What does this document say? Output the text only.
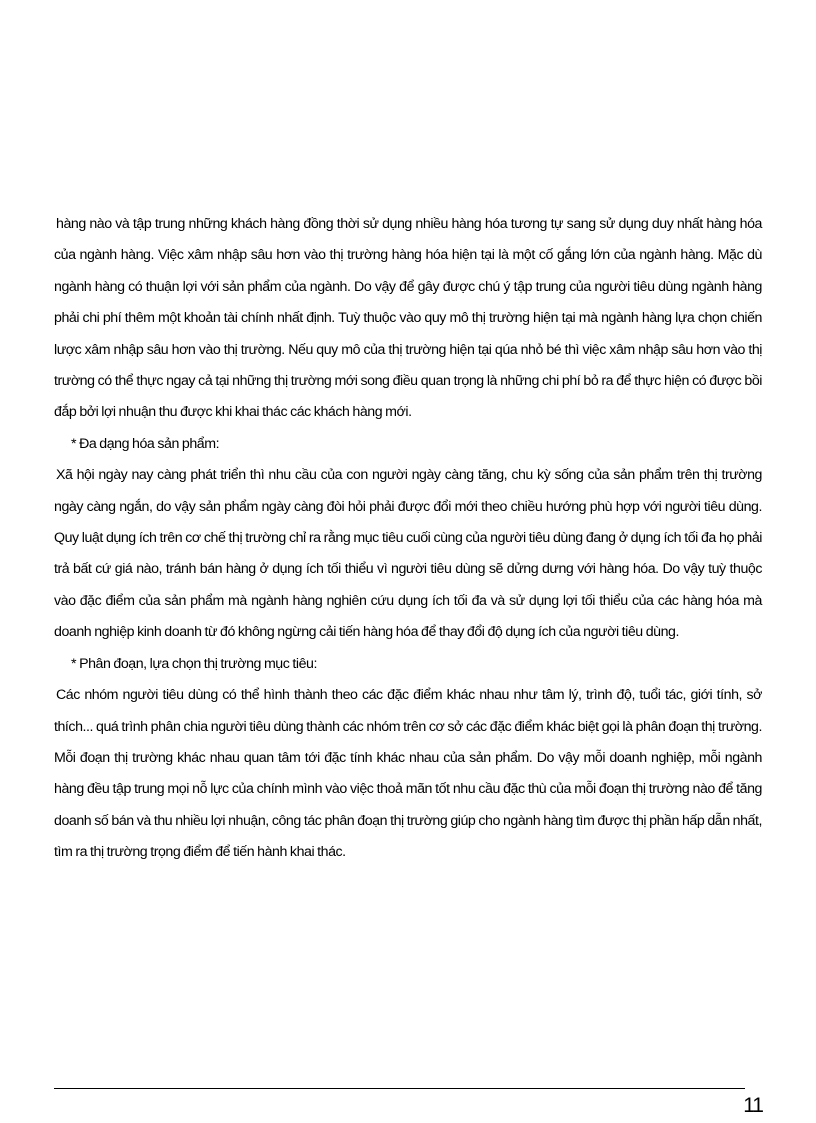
hàng nào và tập trung những khách hàng đồng thời sử dụng nhiều hàng hóa tương tự sang sử dụng duy nhất hàng hóa của ngành hàng. Việc xâm nhập sâu hơn vào thị trường hàng hóa hiện tại là một cố gắng lớn của ngành hàng. Mặc dù ngành hàng có thuận lợi với sản phẩm của ngành. Do vậy để gây được chú ý tập trung của người tiêu dùng ngành hàng phải chi phí thêm một khoản tài chính nhất định. Tuỳ thuộc vào quy mô thị trường hiện tại mà ngành hàng lựa chọn chiến lược xâm nhập sâu hơn vào thị trường. Nếu quy mô của thị trường hiện tại qúa nhỏ bé thì việc xâm nhập sâu hơn vào thị trường có thể thực ngay cả tại những thị trường mới song điều quan trọng là những chi phí bỏ ra để thực hiện có được bồi đắp bởi lợi nhuận thu được khi khai thác các khách hàng mới.

* Đa dạng hóa sản phẩm:

Xã hội ngày nay càng phát triển thì nhu cầu của con người ngày càng tăng, chu kỳ sống của sản phẩm trên thị trường ngày càng ngắn, do vậy sản phẩm ngày càng đòi hỏi phải được đổi mới theo chiều hướng phù hợp với người tiêu dùng. Quy luật dụng ích trên cơ chế thị trường chỉ ra rằng mục tiêu cuối cùng của người tiêu dùng đang ở dụng ích tối đa họ phải trả bất cứ giá nào, tránh bán hàng ở dụng ích tối thiểu vì người tiêu dùng sẽ dửng dưng với hàng hóa. Do vậy tuỳ thuộc vào đặc điểm của sản phẩm mà ngành hàng nghiên cứu dụng ích tối đa và sử dụng lợi tối thiểu của các hàng hóa mà doanh nghiệp kinh doanh từ đó không ngừng cải tiến hàng hóa để thay đổi độ dụng ích của người tiêu dùng.

* Phân đoạn, lựa chọn thị trường mục tiêu:

Các nhóm người tiêu dùng có thể hình thành theo các đặc điểm khác nhau như tâm lý, trình độ, tuổi tác, giới tính, sở thích... quá trình phân chia người tiêu dùng thành các nhóm trên cơ sở các đặc điểm khác biệt gọi là phân đoạn thị trường. Mỗi đoạn thị trường khác nhau quan tâm tới đặc tính khác nhau của sản phẩm. Do vậy mỗi doanh nghiệp, mỗi ngành hàng đều tập trung mọi nỗ lực của chính mình vào việc thoả mãn tốt nhu cầu đặc thù của mỗi đoạn thị trường nào để tăng doanh số bán và thu nhiều lợi nhuận, công tác phân đoạn thị trường giúp cho ngành hàng tìm được thị phần hấp dẫn nhất, tìm ra thị trường trọng điểm để tiến hành khai thác.

11
